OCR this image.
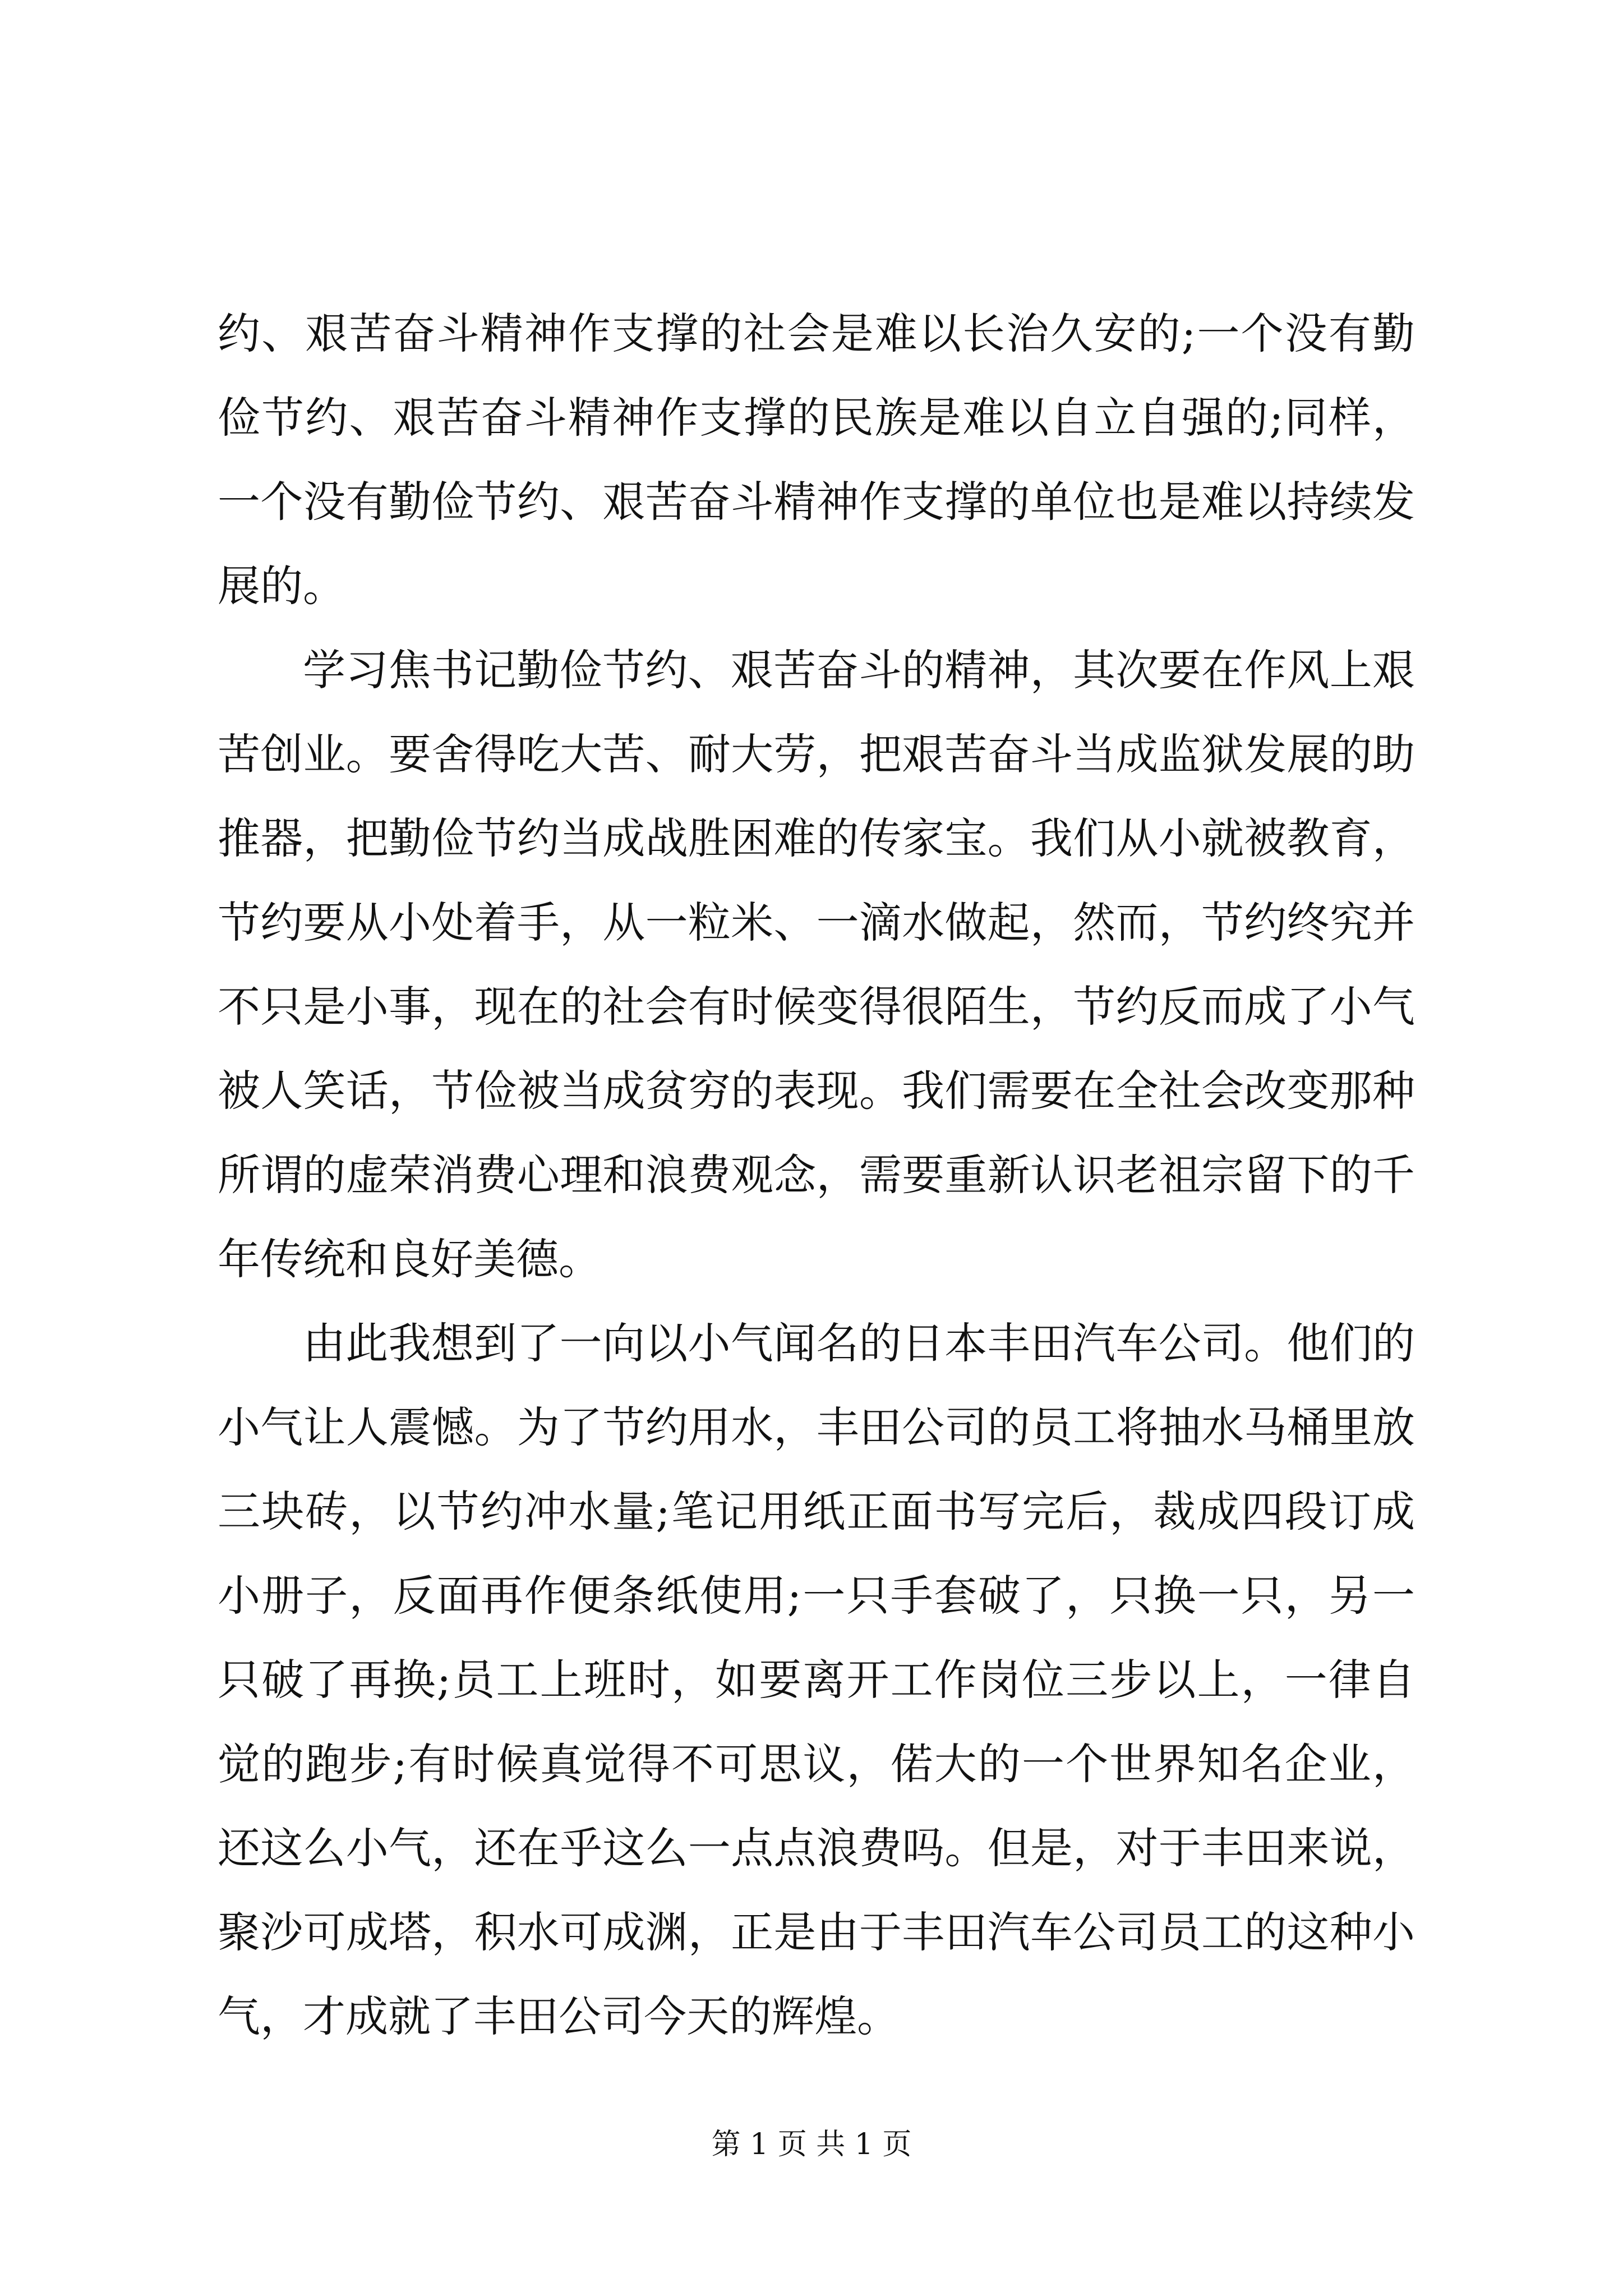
约、艰苦奋斗精神作支撑的社会是难以长治久安的;一个没有勤俭节约、艰苦奋斗精神作支撑的民族是难以自立自强的;同样，一个没有勤俭节约、艰苦奋斗精神作支撑的单位也是难以持续发展的。

学习焦书记勤俭节约、艰苦奋斗的精神，其次要在作风上艰苦创业。要舍得吃大苦、耐大劳，把艰苦奋斗当成监狱发展的助推器，把勤俭节约当成战胜困难的传家宝。我们从小就被教育，节约要从小处着手，从一粒米、一滴水做起，然而，节约终究并不只是小事，现在的社会有时候变得很陌生，节约反而成了小气被人笑话，节俭被当成贫穷的表现。我们需要在全社会改变那种所谓的虚荣消费心理和浪费观念，需要重新认识老祖宗留下的千年传统和良好美德。

由此我想到了一向以小气闻名的日本丰田汽车公司。他们的小气让人震憾。为了节约用水，丰田公司的员工将抽水马桶里放三块砖，以节约冲水量;笔记用纸正面书写完后，裁成四段订成小册子，反面再作便条纸使用;一只手套破了，只换一只，另一只破了再换;员工上班时，如要离开工作岗位三步以上，一律自觉的跑步;有时候真觉得不可思议，偌大的一个世界知名企业，还这么小气，还在乎这么一点点浪费吗。但是，对于丰田来说，聚沙可成塔，积水可成渊，正是由于丰田汽车公司员工的这种小气，才成就了丰田公司今天的辉煌。

第 1 页 共 1 页
